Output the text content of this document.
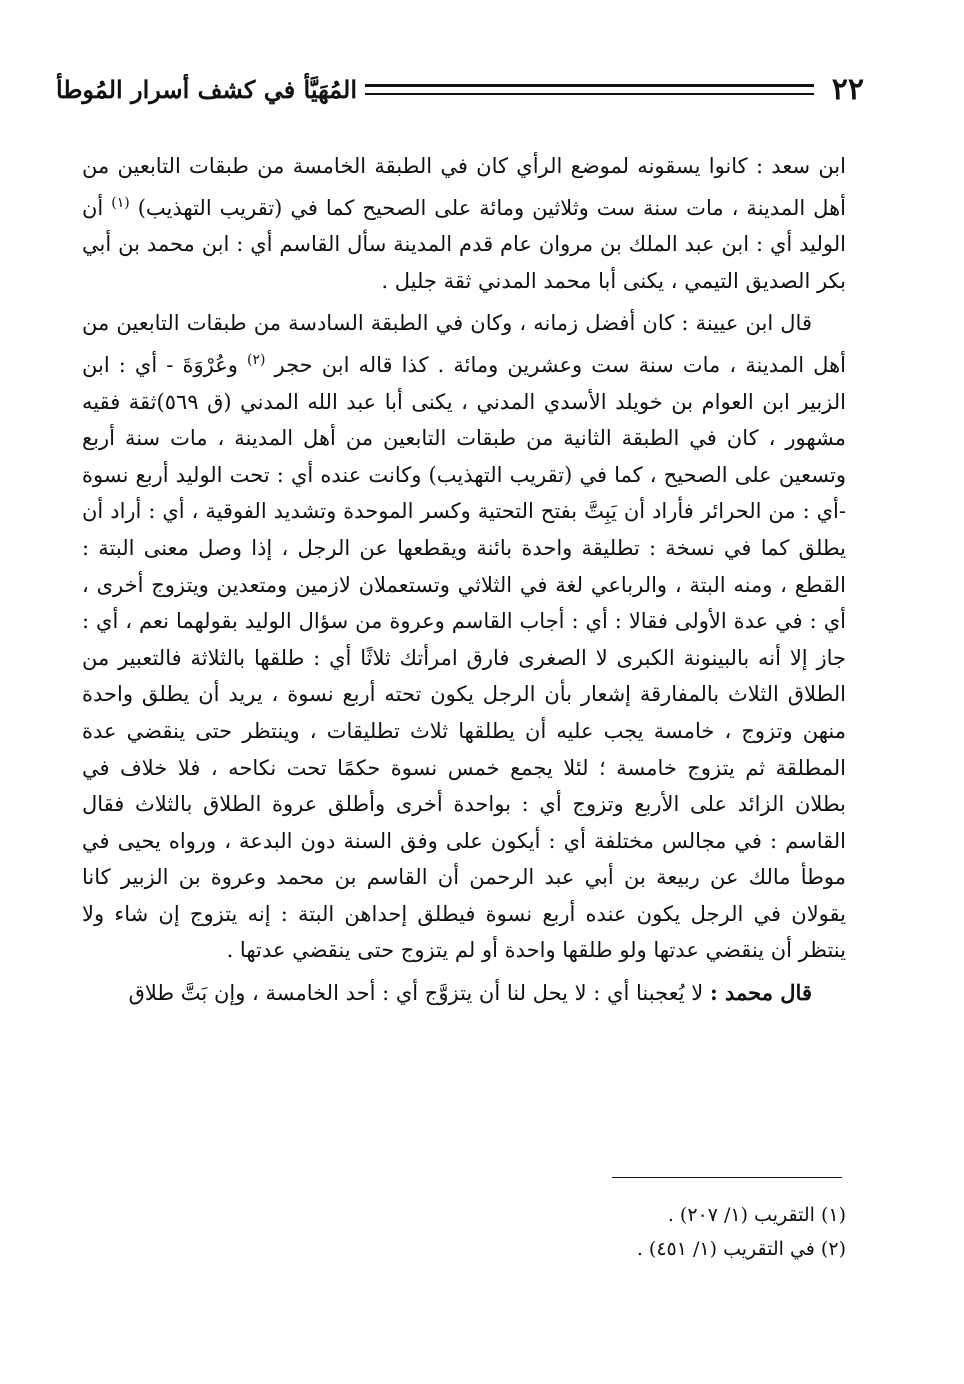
٢٢
المُهَيَّأ في كشف أسرار المُوطأ

ابن سعد : كانوا يسقونه لموضع الرأي كان في الطبقة الخامسة من طبقات التابعين من أهل المدينة ، مات سنة ست وثلاثين ومائة على الصحيح كما في (تقريب التهذيب) $^{(١)}$ أن الوليد أي : ابن عبد الملك بن مروان عام قدم المدينة سأل القاسم أي : ابن محمد بن أبي بكر الصديق التيمي ، يكنى أبا محمد المدني ثقة جليل .

قال ابن عيينة : كان أفضل زمانه ، وكان في الطبقة السادسة من طبقات التابعين من أهل المدينة ، مات سنة ست وعشرين ومائة . كذا قاله ابن حجر $^{(٢)}$ وعُرْوَةَ - أي : ابن الزبير ابن العوام بن خويلد الأسدي المدني ، يكنى أبا عبد الله المدني (ق ٥٦٩)ثقة فقيه مشهور ، كان في الطبقة الثانية من طبقات التابعين من أهل المدينة ، مات سنة أربع وتسعين على الصحيح ، كما في (تقريب التهذيب) وكانت عنده أي : تحت الوليد أربع نسوة -أي : من الحرائر فأراد أن يَبِتَّ بفتح التحتية وكسر الموحدة وتشديد الفوقية ، أي : أراد أن يطلق كما في نسخة : تطليقة واحدة بائنة ويقطعها عن الرجل ، إذا وصل معنى البتة : القطع ، ومنه البتة ، والرباعي لغة في الثلاثي وتستعملان لازمين ومتعدين ويتزوج أخرى ، أي : في عدة الأولى فقالا : أي : أجاب القاسم وعروة من سؤال الوليد بقولهما نعم ، أي : جاز إلا أنه بالبينونة الكبرى لا الصغرى فارق امرأتك ثلاثًا أي : طلقها بالثلاثة فالتعبير من الطلاق الثلاث بالمفارقة إشعار بأن الرجل يكون تحته أربع نسوة ، يريد أن يطلق واحدة منهن وتزوج ، خامسة يجب عليه أن يطلقها ثلاث تطليقات ، وينتظر حتى ينقضي عدة المطلقة ثم يتزوج خامسة ؛ لئلا يجمع خمس نسوة حكمًا تحت نكاحه ، فلا خلاف في بطلان الزائد على الأربع وتزوج أي : بواحدة أخرى وأطلق عروة الطلاق بالثلاث فقال القاسم : في مجالس مختلفة أي : أيكون على وفق السنة دون البدعة ، ورواه يحيى في موطأ مالك عن ربيعة بن أبي عبد الرحمن أن القاسم بن محمد وعروة بن الزبير كانا يقولان في الرجل يكون عنده أربع نسوة فيطلق إحداهن البتة : إنه يتزوج إن شاء ولا ينتظر أن ينقضي عدتها ولو طلقها واحدة أو لم يتزوج حتى ينقضي عدتها .

قال محمد : لا يُعجبنا أي : لا يحل لنا أن يتزوَّج أي : أحد الخامسة ، وإن بَتَّ طلاق

(١) التقريب (١/ ٢٠٧) .
(٢) في التقريب (١/ ٤٥١) .
